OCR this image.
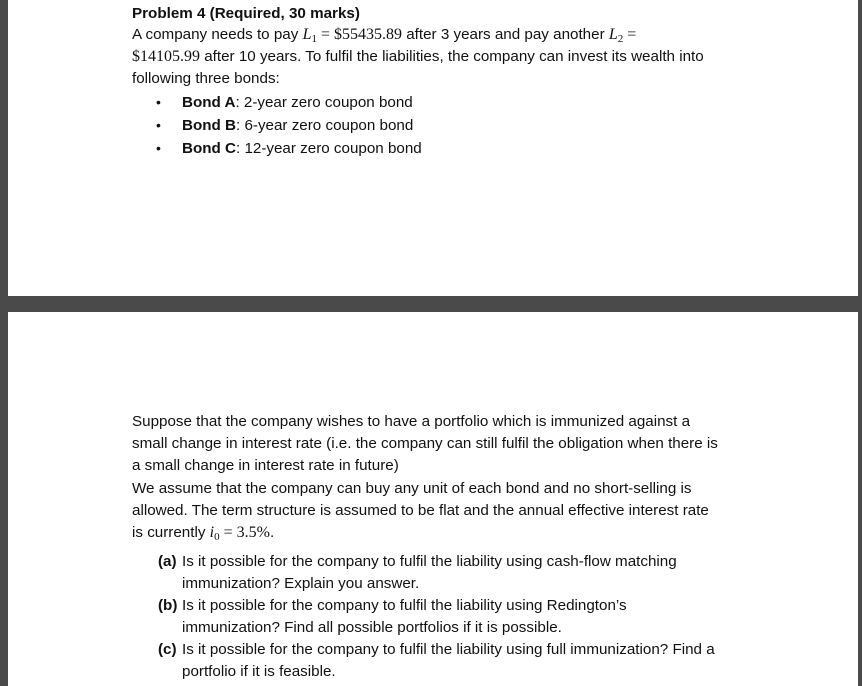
Problem 4 (Required, 30 marks)
A company needs to pay $L_1$ = $55435.89 after 3 years and pay another $L_2$ =
$14105.99 after 10 years. To fulfil the liabilities, the company can invest its wealth into
following three bonds:
• Bond A: 2-year zero coupon bond
• Bond B: 6-year zero coupon bond
• Bond C: 12-year zero coupon bond
Suppose that the company wishes to have a portfolio which is immunized against a
small change in interest rate (i.e. the company can still fulfil the obligation when there is
a small change in interest rate in future)
We assume that the company can buy any unit of each bond and no short-selling is
allowed. The term structure is assumed to be flat and the annual effective interest rate
is currently $i_0 = 3.5\%$.
(a) Is it possible for the company to fulfil the liability using cash-flow matching
immunization? Explain you answer.
(b) Is it possible for the company to fulfil the liability using Redington’s
immunization? Find all possible portfolios if it is possible.
(c) Is it possible for the company to fulfil the liability using full immunization? Find a
portfolio if it is feasible.
